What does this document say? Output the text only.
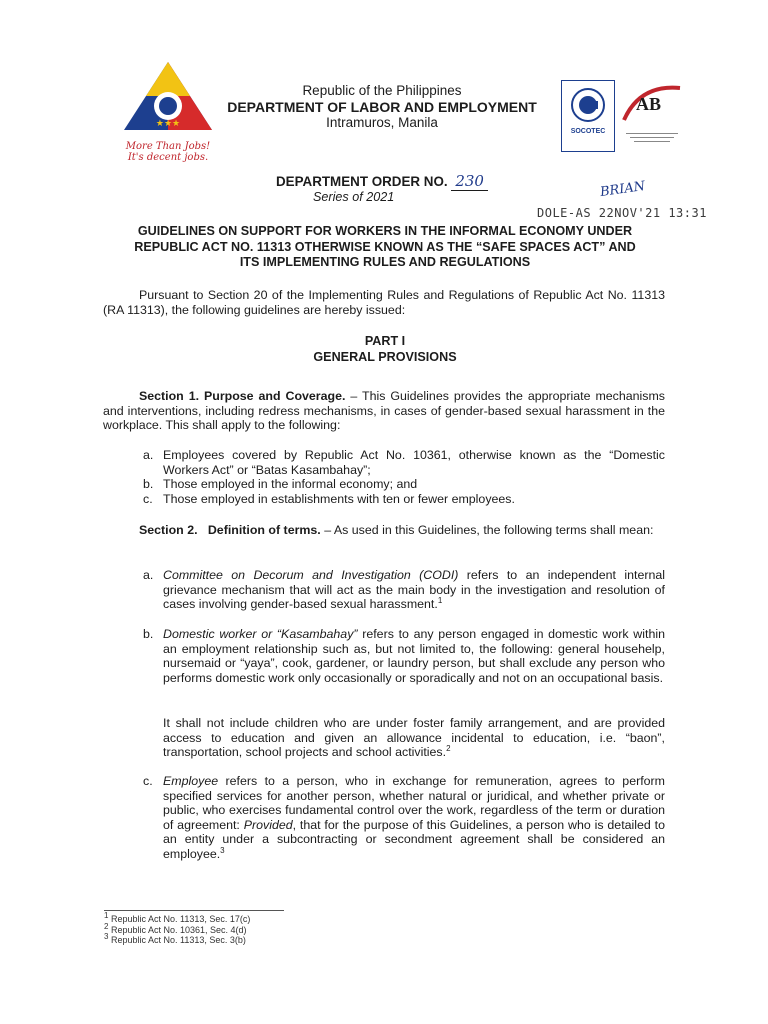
★★★
More Than Jobs!
It's decent jobs.
Republic of the Philippines
DEPARTMENT OF LABOR AND EMPLOYMENT
Intramuros, Manila
SOCOTEC
AB
DEPARTMENT ORDER NO. 230
Series of 2021	BRIAN
DOLE-AS 22NOV'21 13:31
GUIDELINES ON SUPPORT FOR WORKERS IN THE INFORMAL ECONOMY UNDER
REPUBLIC ACT NO. 11313 OTHERWISE KNOWN AS THE “SAFE SPACES ACT” AND
ITS IMPLEMENTING RULES AND REGULATIONS

Pursuant to Section 20 of the Implementing Rules and Regulations of Republic Act No. 11313 (RA 11313), the following guidelines are hereby issued:

PART I
GENERAL PROVISIONS

Section 1. Purpose and Coverage. – This Guidelines provides the appropriate mechanisms and interventions, including redress mechanisms, in cases of gender-based sexual harassment in the workplace. This shall apply to the following:

a. Employees covered by Republic Act No. 10361, otherwise known as the “Domestic Workers Act” or “Batas Kasambahay”;
b. Those employed in the informal economy; and
c. Those employed in establishments with ten or fewer employees.

Section 2.   Definition of terms. – As used in this Guidelines, the following terms shall mean:

a. Committee on Decorum and Investigation (CODI) refers to an independent internal grievance mechanism that will act as the main body in the investigation and resolution of cases involving gender-based sexual harassment.$^1$
b. Domestic worker or “Kasambahay” refers to any person engaged in domestic work within an employment relationship such as, but not limited to, the following: general househelp, nursemaid or “yaya”, cook, gardener, or laundry person, but shall exclude any person who performs domestic work only occasionally or sporadically and not on an occupational basis.
It shall not include children who are under foster family arrangement, and are provided access to education and given an allowance incidental to education, i.e. “baon”, transportation, school projects and school activities.$^2$
c. Employee refers to a person, who in exchange for remuneration, agrees to perform specified services for another person, whether natural or juridical, and whether private or public, who exercises fundamental control over the work, regardless of the term or duration of agreement: Provided, that for the purpose of this Guidelines, a person who is detailed to an entity under a subcontracting or secondment agreement shall be considered an employee.$^3$
$^1$ Republic Act No. 11313, Sec. 17(c)
$^2$ Republic Act No. 10361, Sec. 4(d)
$^3$ Republic Act No. 11313, Sec. 3(b)
